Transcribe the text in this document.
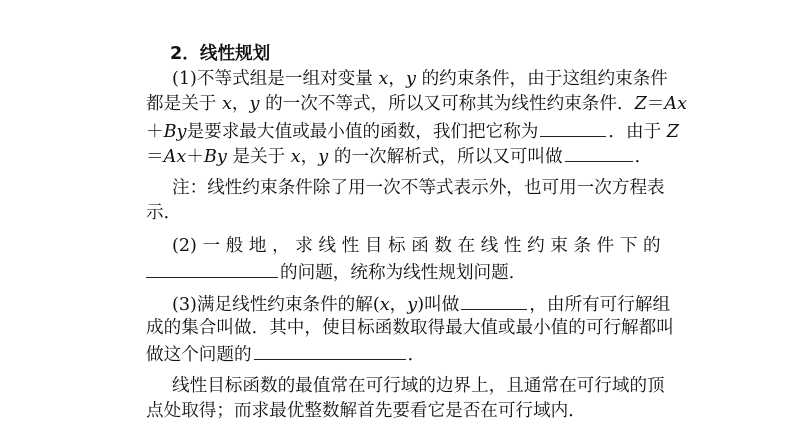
2．线性规划
(1)不等式组是一组对变量 x，y 的约束条件，由于这组约束条件
都是关于 x，y 的一次不等式，所以又可称其为线性约束条件．Z＝Ax
＋By是要求最大值或最小值的函数，我们把它称为	．由于 Z
＝Ax＋By 是关于 x，y 的一次解析式，所以又可叫做	．
注：线性约束条件除了用一次不等式表示外，也可用一次方程表
示．
(2) 一 般 地 ， 求 线 性 目 标 函 数 在 线 性 约 束 条 件 下 的
的问题，统称为线性规划问题．
(3)满足线性约束条件的解(x，y)叫做	，由所有可行解组
成的集合叫做．其中，使目标函数取得最大值或最小值的可行解都叫
做这个问题的	．
线性目标函数的最值常在可行域的边界上，且通常在可行域的顶
点处取得；而求最优整数解首先要看它是否在可行域内．
